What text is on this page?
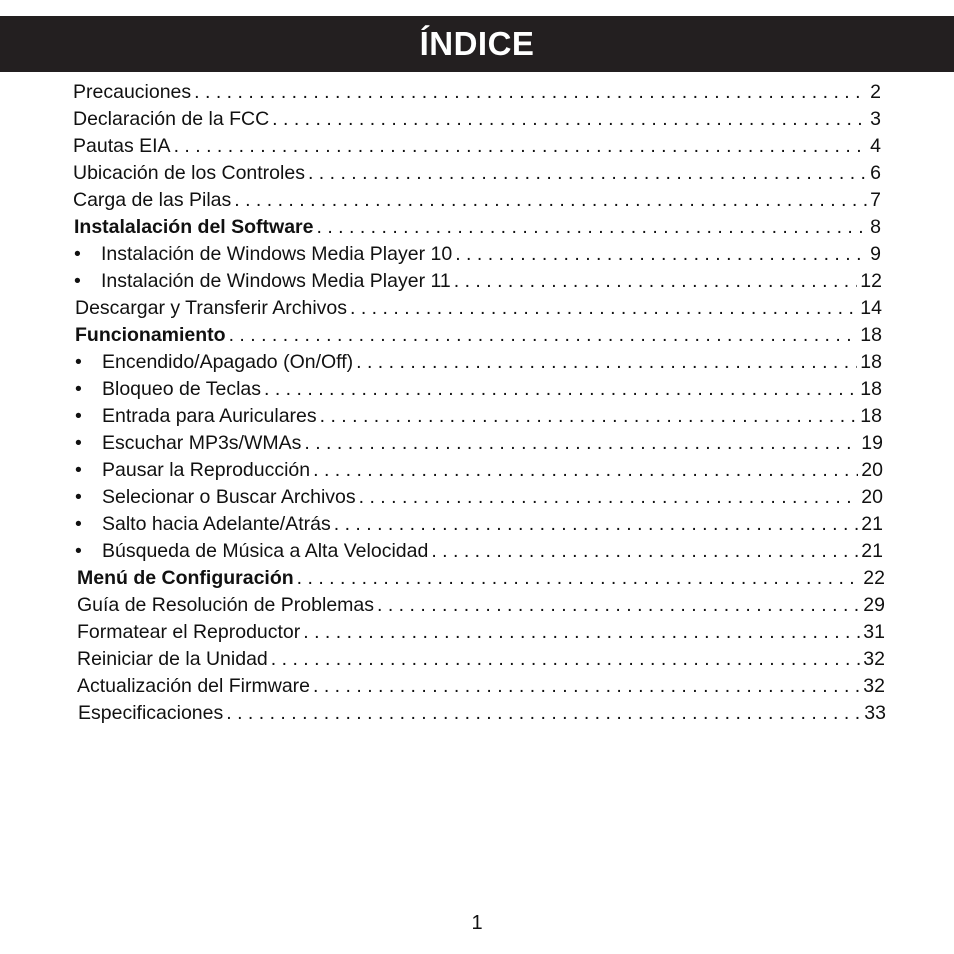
ÍNDICE
Precauciones . . .	2
Declaración de la FCC . . .	3
Pautas EIA . . .	4
Ubicación de los Controles . . .	6
Carga de las Pilas . . .	7
Instalalación del Software . . .	8
•	Instalación de Windows Media Player 10 . . .	9
•	Instalación de Windows Media Player 11 . . .	12
Descargar y Transferir Archivos . . .	14
Funcionamiento . . .	18
•	Encendido/Apagado (On/Off) . . .	18
•	Bloqueo de Teclas . . .	18
•	Entrada para Auriculares . . .	18
•	Escuchar MP3s/WMAs . . .	19
•	Pausar la Reproducción . . .	20
•	Selecionar o Buscar Archivos . . .	20
•	Salto hacia Adelante/Atrás . . .	21
•	Búsqueda de Música a Alta Velocidad . . .	21
Menú de Configuración . . .	22
Guía de Resolución de Problemas . . .	29
Formatear el Reproductor . . .	31
Reiniciar de la Unidad . . .	32
Actualización del Firmware . . .	32
Especificaciones . . .	33
1
